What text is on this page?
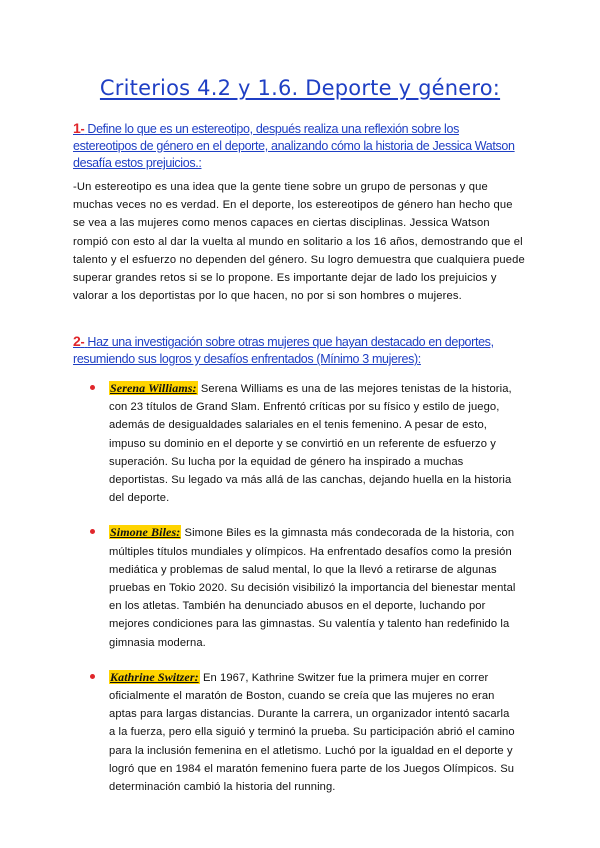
Criterios 4.2 y 1.6. Deporte y género:
1- Define lo que es un estereotipo, después realiza una reflexión sobre los estereotipos de género en el deporte, analizando cómo la historia de Jessica Watson desafía estos prejuicios.:
-Un estereotipo es una idea que la gente tiene sobre un grupo de personas y que muchas veces no es verdad. En el deporte, los estereotipos de género han hecho que se vea a las mujeres como menos capaces en ciertas disciplinas. Jessica Watson rompió con esto al dar la vuelta al mundo en solitario a los 16 años, demostrando que el talento y el esfuerzo no dependen del género. Su logro demuestra que cualquiera puede superar grandes retos si se lo propone. Es importante dejar de lado los prejuicios y valorar a los deportistas por lo que hacen, no por si son hombres o mujeres.
2- Haz una investigación sobre otras mujeres que hayan destacado en deportes, resumiendo sus logros y desafíos enfrentados (Mínimo 3 mujeres):
Serena Williams: Serena Williams es una de las mejores tenistas de la historia, con 23 títulos de Grand Slam. Enfrentó críticas por su físico y estilo de juego, además de desigualdades salariales en el tenis femenino. A pesar de esto, impuso su dominio en el deporte y se convirtió en un referente de esfuerzo y superación. Su lucha por la equidad de género ha inspirado a muchas deportistas. Su legado va más allá de las canchas, dejando huella en la historia del deporte.
Simone Biles: Simone Biles es la gimnasta más condecorada de la historia, con múltiples títulos mundiales y olímpicos. Ha enfrentado desafíos como la presión mediática y problemas de salud mental, lo que la llevó a retirarse de algunas pruebas en Tokio 2020. Su decisión visibilizó la importancia del bienestar mental en los atletas. También ha denunciado abusos en el deporte, luchando por mejores condiciones para las gimnastas. Su valentía y talento han redefinido la gimnasia moderna.
Kathrine Switzer: En 1967, Kathrine Switzer fue la primera mujer en correr oficialmente el maratón de Boston, cuando se creía que las mujeres no eran aptas para largas distancias. Durante la carrera, un organizador intentó sacarla a la fuerza, pero ella siguió y terminó la prueba. Su participación abrió el camino para la inclusión femenina en el atletismo. Luchó por la igualdad en el deporte y logró que en 1984 el maratón femenino fuera parte de los Juegos Olímpicos. Su determinación cambió la historia del running.
